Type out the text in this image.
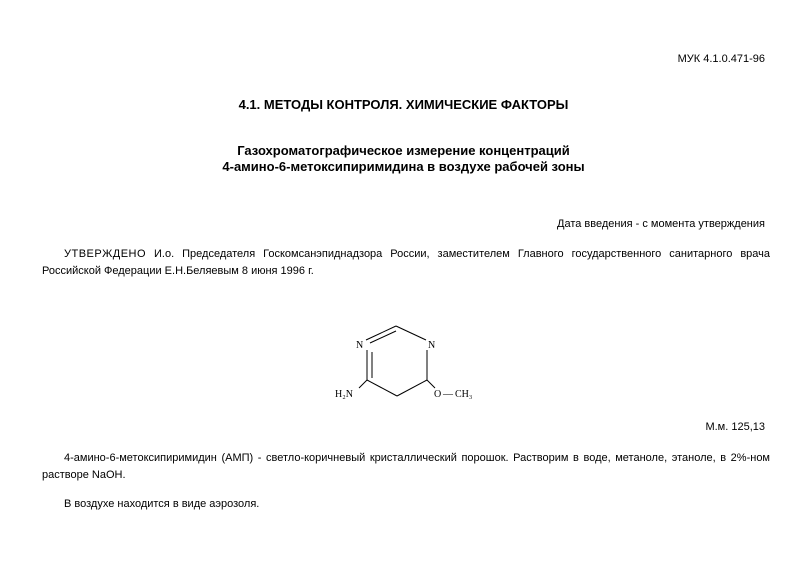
МУК 4.1.0.471-96
4.1. МЕТОДЫ КОНТРОЛЯ. ХИМИЧЕСКИЕ ФАКТОРЫ
Газохроматографическое измерение концентраций
4-амино-6-метоксипиримидина в воздухе рабочей зоны
Дата введения - с момента утверждения

УТВЕРЖДЕНО И.о. Председателя Госкомсанэпиднадзора России, заместителем Главного государственного санитарного врача Российской Федерации Е.Н.Беляевым 8 июня 1996 г.

N	N
H₂N	O — CH₃
М.м. 125,13

4-амино-6-метоксипиримидин (АМП) - светло-коричневый кристаллический порошок. Растворим в воде, метаноле, этаноле, в 2%-ном растворе NaOH.

В воздухе находится в виде аэрозоля.
